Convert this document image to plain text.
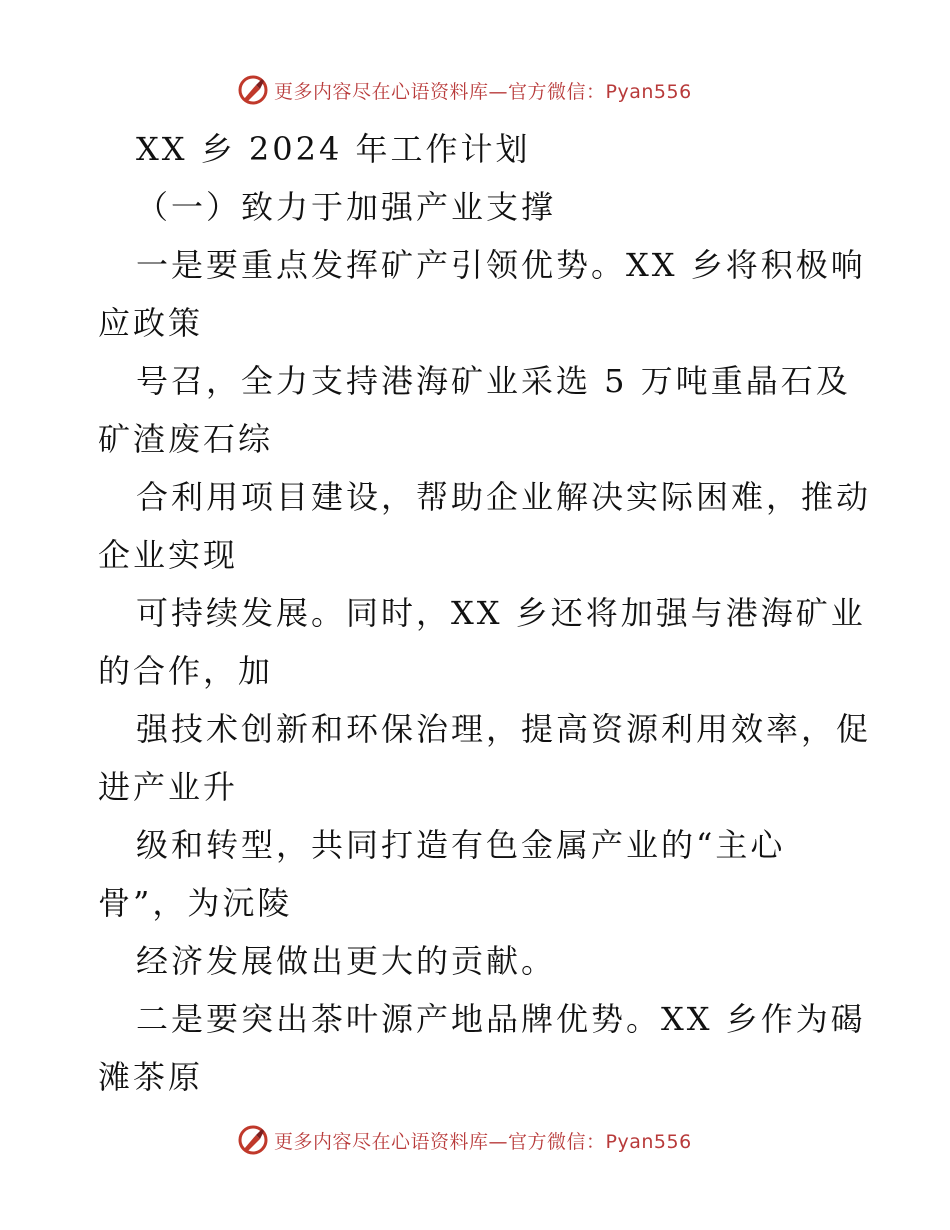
更多内容尽在心语资料库—官方微信：Pyan556
XX 乡 2024 年工作计划
（一）致力于加强产业支撑
一是要重点发挥矿产引领优势。XX 乡将积极响
应政策
号召，全力支持港海矿业采选 5 万吨重晶石及
矿渣废石综
合利用项目建设，帮助企业解决实际困难，推动
企业实现
可持续发展。同时，XX 乡还将加强与港海矿业
的合作，加
强技术创新和环保治理，提高资源利用效率，促
进产业升
级和转型，共同打造有色金属产业的“主心
骨”，为沅陵
经济发展做出更大的贡献。
二是要突出茶叶源产地品牌优势。XX 乡作为碣
滩茶原
更多内容尽在心语资料库—官方微信：Pyan556
